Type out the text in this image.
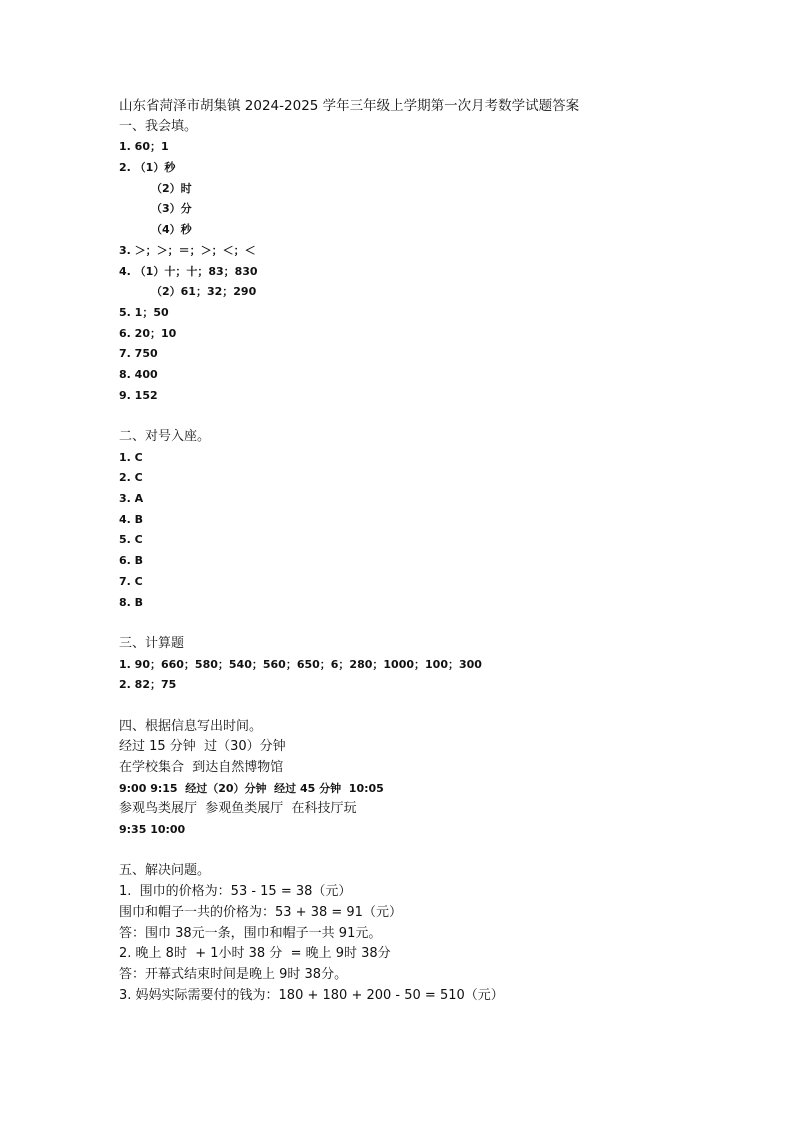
山东省菏泽市胡集镇 2024-2025 学年三年级上学期第一次月考数学试题答案
一、我会填。
1. 60；1
2. （1）秒
（2）时
（3）分
（4）秒
3. ＞；＞；＝；＞；＜；＜
4. （1）十；十；83；830
（2）61；32；290
5. 1；50
6. 20；10
7. 750
8. 400
9. 152
二、对号入座。
1. C
2. C
3. A
4. B
5. C
6. B
7. C
8. B
三、计算题
1. 90；660；580；540；560；650；6；280；1000；100；300
2. 82；75
四、根据信息写出时间。
经过 15 分钟  过（30）分钟
在学校集合  到达自然博物馆
9:00 9:15  经过（20）分钟  经过 45 分钟  10:05
参观鸟类展厅  参观鱼类展厅  在科技厅玩
9:35 10:00
五、解决问题。
1.  围巾的价格为：53 - 15 = 38（元）
围巾和帽子一共的价格为：53 + 38 = 91（元）
答：围巾 38元一条，围巾和帽子一共 91元。
2. 晚上 8时  + 1小时 38 分  = 晚上 9时 38分
答：开幕式结束时间是晚上 9时 38分。
3. 妈妈实际需要付的钱为：180 + 180 + 200 - 50 = 510（元）
